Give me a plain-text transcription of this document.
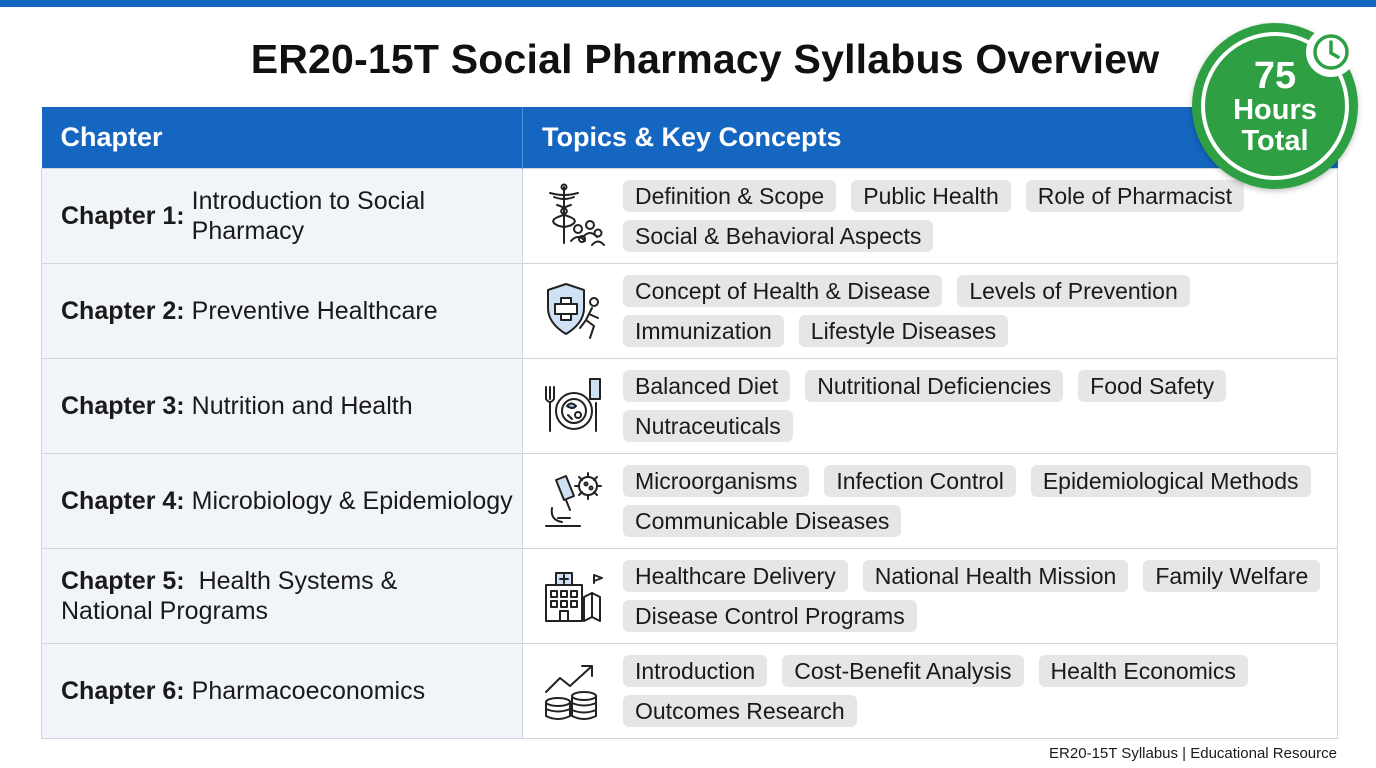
ER20-15T Social Pharmacy Syllabus Overview
Chapter	Topics & Key Concepts

Chapter 1:
Introduction to Social Pharmacy	Definition & Scope Public Health Role of Pharmacist
Social & Behavioral Aspects

Chapter 2: Preventive Healthcare	Concept of Health & Disease Levels of Prevention
Immunization Lifestyle Diseases

Chapter 3: Nutrition and Health	Balanced Diet Nutritional Deficiencies Food Safety
Nutraceuticals

Chapter 4: Microbiology & Epidemiology	Microorganisms Infection Control Epidemiological Methods
Communicable Diseases

Chapter 5: Health Systems & National Programs	Healthcare Delivery National Health Mission Family Welfare
Disease Control Programs

Chapter 6: Pharmacoeconomics	Introduction Cost-Benefit Analysis Health Economics
Outcomes Research
75
Hours
Total
ER20-15T Syllabus | Educational Resource
